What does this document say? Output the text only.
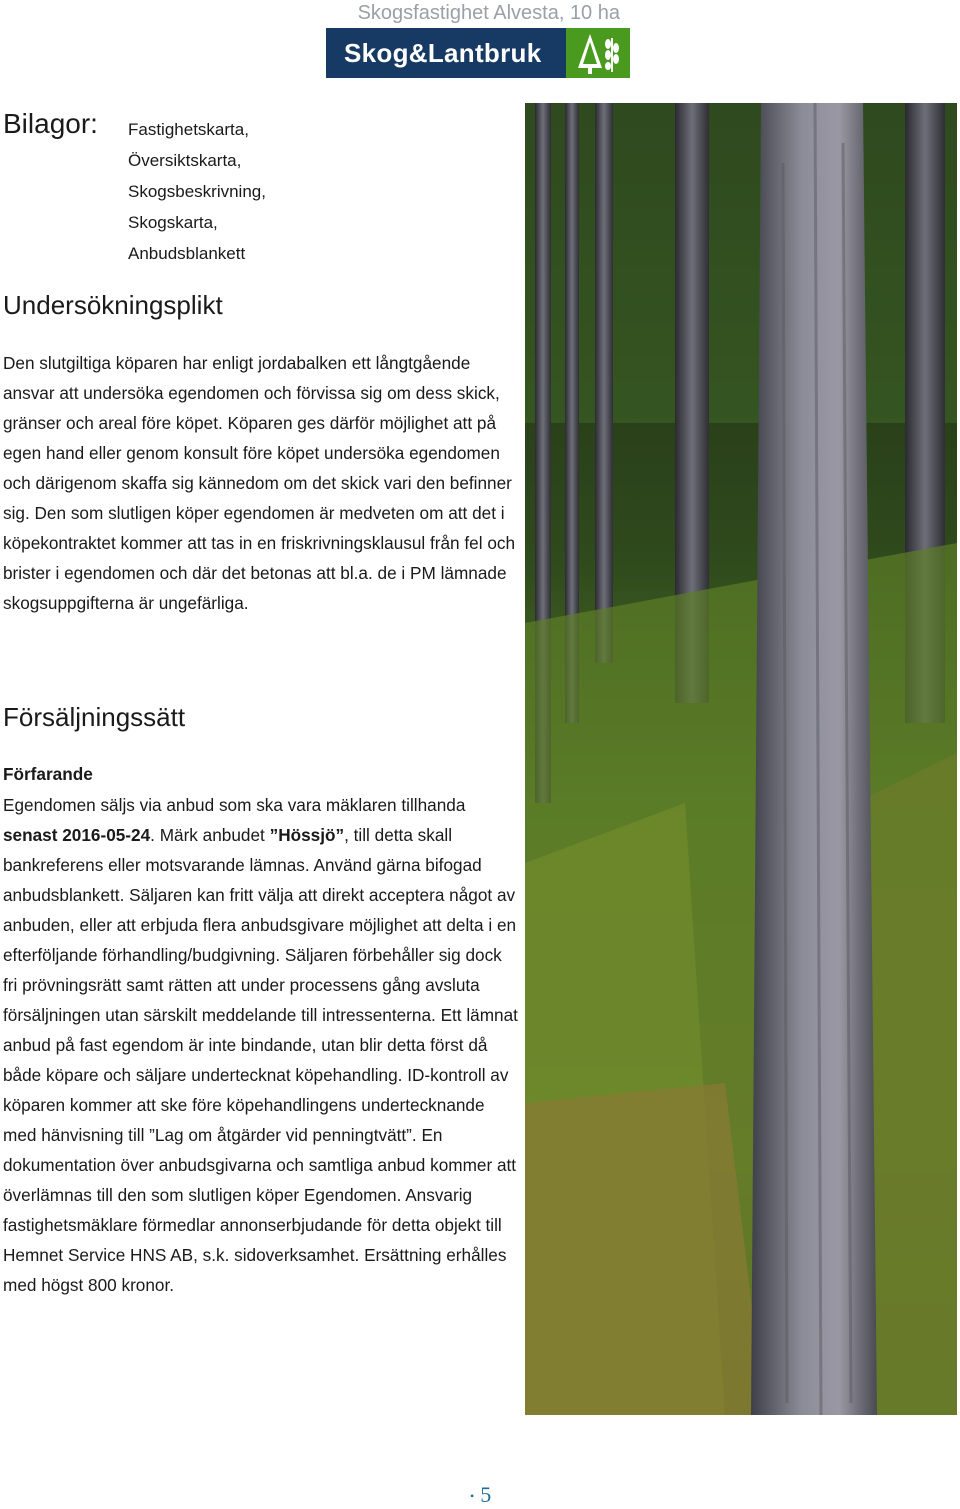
Skogsfastighet Alvesta, 10 ha
Skog&Lantbruk
Bilagor: Fastighetskarta,
Översiktskarta,
Skogsbeskrivning,
Skogskarta,
Anbudsblankett
Undersökningsplikt

Den slutgiltiga köparen har enligt jordabalken ett långtgående ansvar att undersöka egendomen och förvissa sig om dess skick, gränser och areal före köpet. Köparen ges därför möjlighet att på egen hand eller genom konsult före köpet undersöka egendomen och därigenom skaffa sig kännedom om det skick vari den befinner sig. Den som slutligen köper egendomen är medveten om att det i köpekontraktet kommer att tas in en friskrivningsklausul från fel och brister i egendomen och där det betonas att bl.a. de i PM lämnade skogsuppgifterna är ungefärliga.

Försäljningssätt
Förfarande

Egendomen säljs via anbud som ska vara mäklaren tillhanda senast 2016-05-24. Märk anbudet ”Hössjö”, till detta skall bankreferens eller motsvarande lämnas. Använd gärna bifogad anbudsblankett. Säljaren kan fritt välja att direkt acceptera något av anbuden, eller att erbjuda flera anbudsgivare möjlighet att delta i en efterföljande förhandling/budgivning. Säljaren förbehåller sig dock fri prövningsrätt samt rätten att under processens gång avsluta försäljningen utan särskilt meddelande till intressenterna. Ett lämnat anbud på fast egendom är inte bindande, utan blir detta först då både köpare och säljare undertecknat köpehandling. ID-kontroll av köparen kommer att ske före köpehandlingens undertecknande med hänvisning till ”Lag om åtgärder vid penningtvätt”. En dokumentation över anbudsgivarna och samtliga anbud kommer att överlämnas till den som slutligen köper Egendomen. Ansvarig fastighetsmäklare förmedlar annonserbjudande för detta objekt till Hemnet Service HNS AB, s.k. sidoverksamhet. Ersättning erhålles med högst 800 kronor.

• 5
